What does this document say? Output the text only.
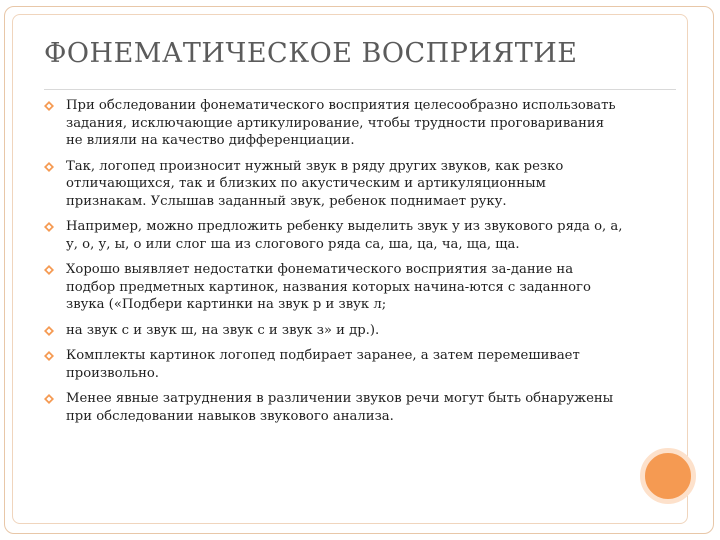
ФОНЕМАТИЧЕСКОЕ ВОСПРИЯТИЕ
При обследовании фонематического восприятия целесообразно использовать задания, исключающие артикулирование, чтобы трудности проговаривания не влияли на качество дифференциации.
Так, логопед произносит нужный звук в ряду других звуков, как резко отличающихся, так и близких по акустическим и артикуляционным признакам. Услышав заданный звук, ребенок поднимает руку.
Например, можно предложить ребенку выделить звук у из звукового ряда о, а, у, о, у, ы, о или слог ша из слогового ряда са, ша, ца, ча, ща, ща.
Хорошо выявляет недостатки фонематического восприятия за-дание на подбор предметных картинок, названия которых начина-ются с заданного звука («Подбери картинки на звук р и звук л;
на звук с и звук ш, на звук с и звук з» и др.).
Комплекты картинок логопед подбирает заранее, а затем перемешивает произвольно.
Менее явные затруднения в различении звуков речи могут быть обнаружены при обследовании навыков звукового анализа.
